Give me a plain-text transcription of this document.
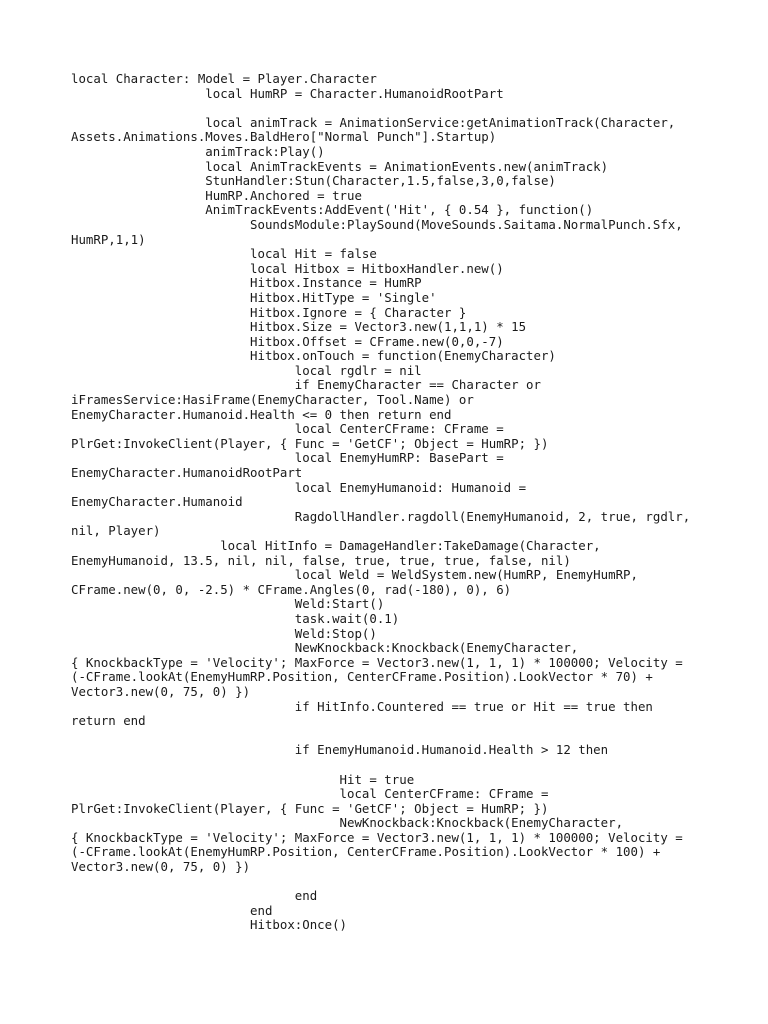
local Character: Model = Player.Character
local HumRP = Character.HumanoidRootPart
local animTrack = AnimationService:getAnimationTrack(Character,
Assets.Animations.Moves.BaldHero["Normal Punch"].Startup)
animTrack:Play()
local AnimTrackEvents = AnimationEvents.new(animTrack)
StunHandler:Stun(Character,1.5,false,3,0,false)
HumRP.Anchored = true
AnimTrackEvents:AddEvent('Hit', { 0.54 }, function()
SoundsModule:PlaySound(MoveSounds.Saitama.NormalPunch.Sfx,
HumRP,1,1)
local Hit = false
local Hitbox = HitboxHandler.new()
Hitbox.Instance = HumRP
Hitbox.HitType = 'Single'
Hitbox.Ignore = { Character }
Hitbox.Size = Vector3.new(1,1,1) * 15
Hitbox.Offset = CFrame.new(0,0,-7)
Hitbox.onTouch = function(EnemyCharacter)
local rgdlr = nil
if EnemyCharacter == Character or
iFramesService:HasiFrame(EnemyCharacter, Tool.Name) or
EnemyCharacter.Humanoid.Health <= 0 then return end
local CenterCFrame: CFrame =
PlrGet:InvokeClient(Player, { Func = 'GetCF'; Object = HumRP; })
local EnemyHumRP: BasePart =
EnemyCharacter.HumanoidRootPart
local EnemyHumanoid: Humanoid =
EnemyCharacter.Humanoid
RagdollHandler.ragdoll(EnemyHumanoid, 2, true, rgdlr,
nil, Player)
local HitInfo = DamageHandler:TakeDamage(Character,
EnemyHumanoid, 13.5, nil, nil, false, true, true, true, false, nil)
local Weld = WeldSystem.new(HumRP, EnemyHumRP,
CFrame.new(0, 0, -2.5) * CFrame.Angles(0, rad(-180), 0), 6)
Weld:Start()
task.wait(0.1)
Weld:Stop()
NewKnockback:Knockback(EnemyCharacter,
{ KnockbackType = 'Velocity'; MaxForce = Vector3.new(1, 1, 1) * 100000; Velocity =
(-CFrame.lookAt(EnemyHumRP.Position, CenterCFrame.Position).LookVector * 70) +
Vector3.new(0, 75, 0) })
if HitInfo.Countered == true or Hit == true then
return end
if EnemyHumanoid.Humanoid.Health > 12 then
Hit = true
local CenterCFrame: CFrame =
PlrGet:InvokeClient(Player, { Func = 'GetCF'; Object = HumRP; })
NewKnockback:Knockback(EnemyCharacter,
{ KnockbackType = 'Velocity'; MaxForce = Vector3.new(1, 1, 1) * 100000; Velocity =
(-CFrame.lookAt(EnemyHumRP.Position, CenterCFrame.Position).LookVector * 100) +
Vector3.new(0, 75, 0) })
end
end
Hitbox:Once()
